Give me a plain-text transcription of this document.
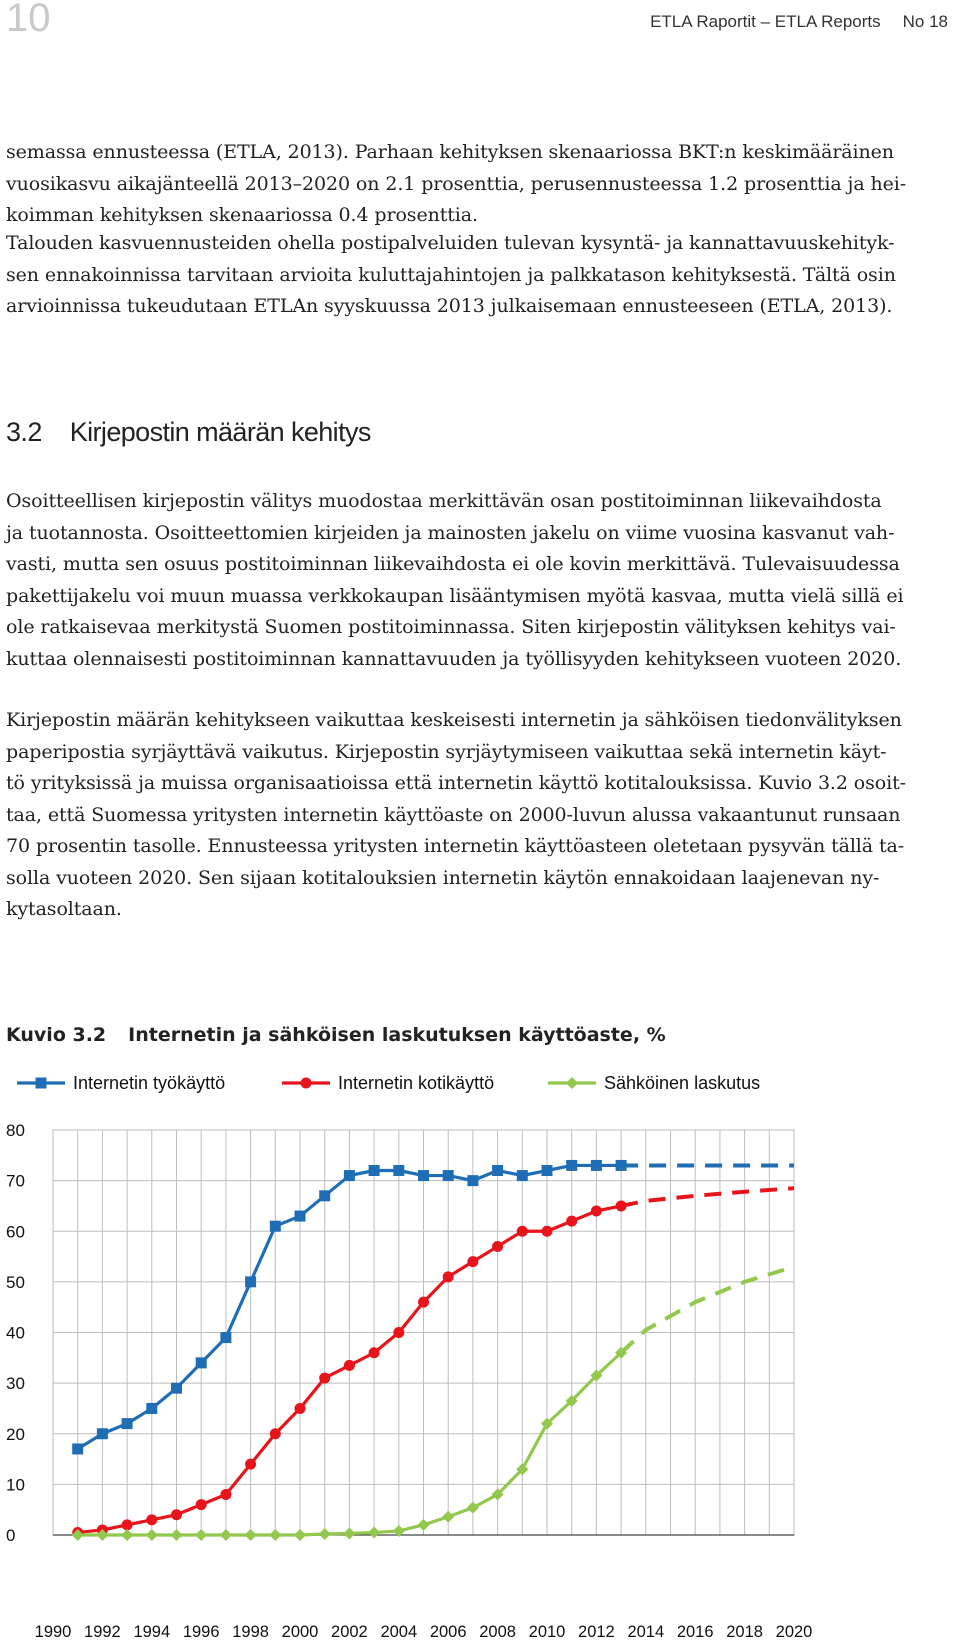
10	ETLA Raportit – ETLA Reports No 18

semassa ennusteessa (ETLA, 2013). Parhaan kehityksen skenaariossa BKT:n keskimääräinen
vuosikasvu aikajänteellä 2013–2020 on 2.1 prosenttia, perusennusteessa 1.2 prosenttia ja hei-
koimman kehityksen skenaariossa 0.4 prosenttia.

Talouden kasvuennusteiden ohella postipalveluiden tulevan kysyntä- ja kannattavuuskehityk-
sen ennakoinnissa tarvitaan arvioita kuluttajahintojen ja palkkatason kehityksestä. Tältä osin
arvioinnissa tukeudutaan ETLAn syyskuussa 2013 julkaisemaan ennusteeseen (ETLA, 2013).

3.2 Kirjepostin määrän kehitys

Osoitteellisen kirjepostin välitys muodostaa merkittävän osan postitoiminnan liikevaihdosta
ja tuotannosta. Osoitteettomien kirjeiden ja mainosten jakelu on viime vuosina kasvanut vah-
vasti, mutta sen osuus postitoiminnan liikevaihdosta ei ole kovin merkittävä. Tulevaisuudessa
pakettijakelu voi muun muassa verkkokaupan lisääntymisen myötä kasvaa, mutta vielä sillä ei
ole ratkaisevaa merkitystä Suomen postitoiminnassa. Siten kirjepostin välityksen kehitys vai-
kuttaa olennaisesti postitoiminnan kannattavuuden ja työllisyyden kehitykseen vuoteen 2020.

Kirjepostin määrän kehitykseen vaikuttaa keskeisesti internetin ja sähköisen tiedonvälityksen
paperipostia syrjäyttävä vaikutus. Kirjepostin syrjäytymiseen vaikuttaa sekä internetin käyt-
tö yrityksissä ja muissa organisaatioissa että internetin käyttö kotitalouksissa. Kuvio 3.2 osoit-
taa, että Suomessa yritysten internetin käyttöaste on 2000-luvun alussa vakaantunut runsaan
70 prosentin tasolle. Ennusteessa yritysten internetin käyttöasteen oletetaan pysyvän tällä ta-
solla vuoteen 2020. Sen sijaan kotitalouksien internetin käytön ennakoidaan laajenevan ny-
kytasoltaan.

Kuvio 3.2 Internetin ja sähköisen laskutuksen käyttöaste, %
0
10
20
30
40
50
60
70
80
1990 1992 1994 1996 1998 2000 2002 2004 2006 2008 2010 2012 2014 2016 2018 2020
Internetin työkäyttö	Internetin kotikäyttö	Sähköinen laskutus
